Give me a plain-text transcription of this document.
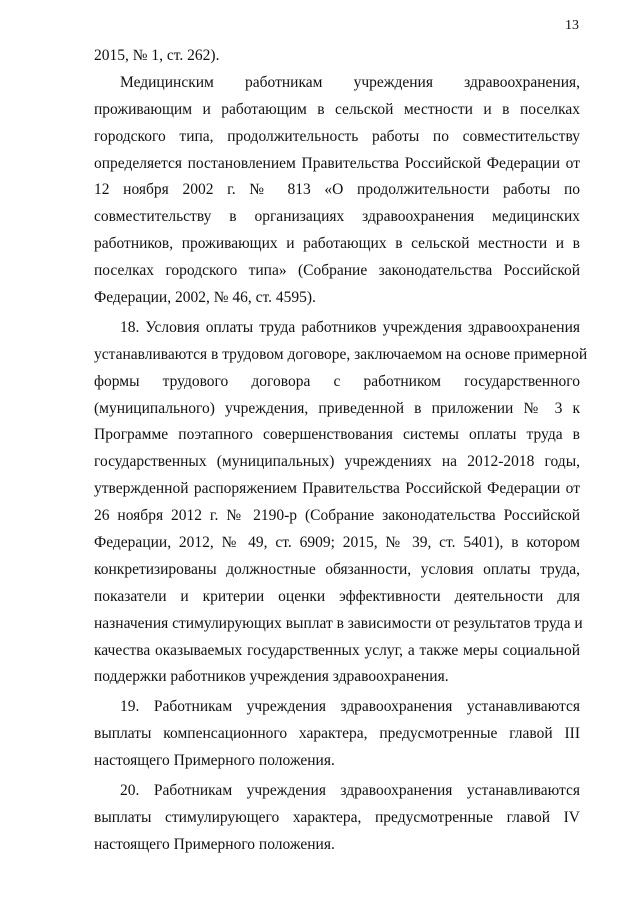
13
2015, № 1, ст. 262).
Медицинским работникам учреждения здравоохранения,
проживающим и работающим в сельской местности и в поселках
городского типа, продолжительность работы по совместительству
определяется постановлением Правительства Российской Федерации от
12 ноября 2002 г. № 813 «О продолжительности работы по
совместительству в организациях здравоохранения медицинских
работников, проживающих и работающих в сельской местности и в
поселках городского типа» (Собрание законодательства Российской
Федерации, 2002, № 46, ст. 4595).
18. Условия оплаты труда работников учреждения здравоохранения
устанавливаются в трудовом договоре, заключаемом на основе примерной
формы трудового договора с работником государственного
(муниципального) учреждения, приведенной в приложении № 3 к
Программе поэтапного совершенствования системы оплаты труда в
государственных (муниципальных) учреждениях на 2012-2018 годы,
утвержденной распоряжением Правительства Российской Федерации от
26 ноября 2012 г. № 2190-р (Собрание законодательства Российской
Федерации, 2012, № 49, ст. 6909; 2015, № 39, ст. 5401), в котором
конкретизированы должностные обязанности, условия оплаты труда,
показатели и критерии оценки эффективности деятельности для
назначения стимулирующих выплат в зависимости от результатов труда и
качества оказываемых государственных услуг, а также меры социальной
поддержки работников учреждения здравоохранения.
19. Работникам учреждения здравоохранения устанавливаются
выплаты компенсационного характера, предусмотренные главой III
настоящего Примерного положения.
20. Работникам учреждения здравоохранения устанавливаются
выплаты стимулирующего характера, предусмотренные главой IV
настоящего Примерного положения.
